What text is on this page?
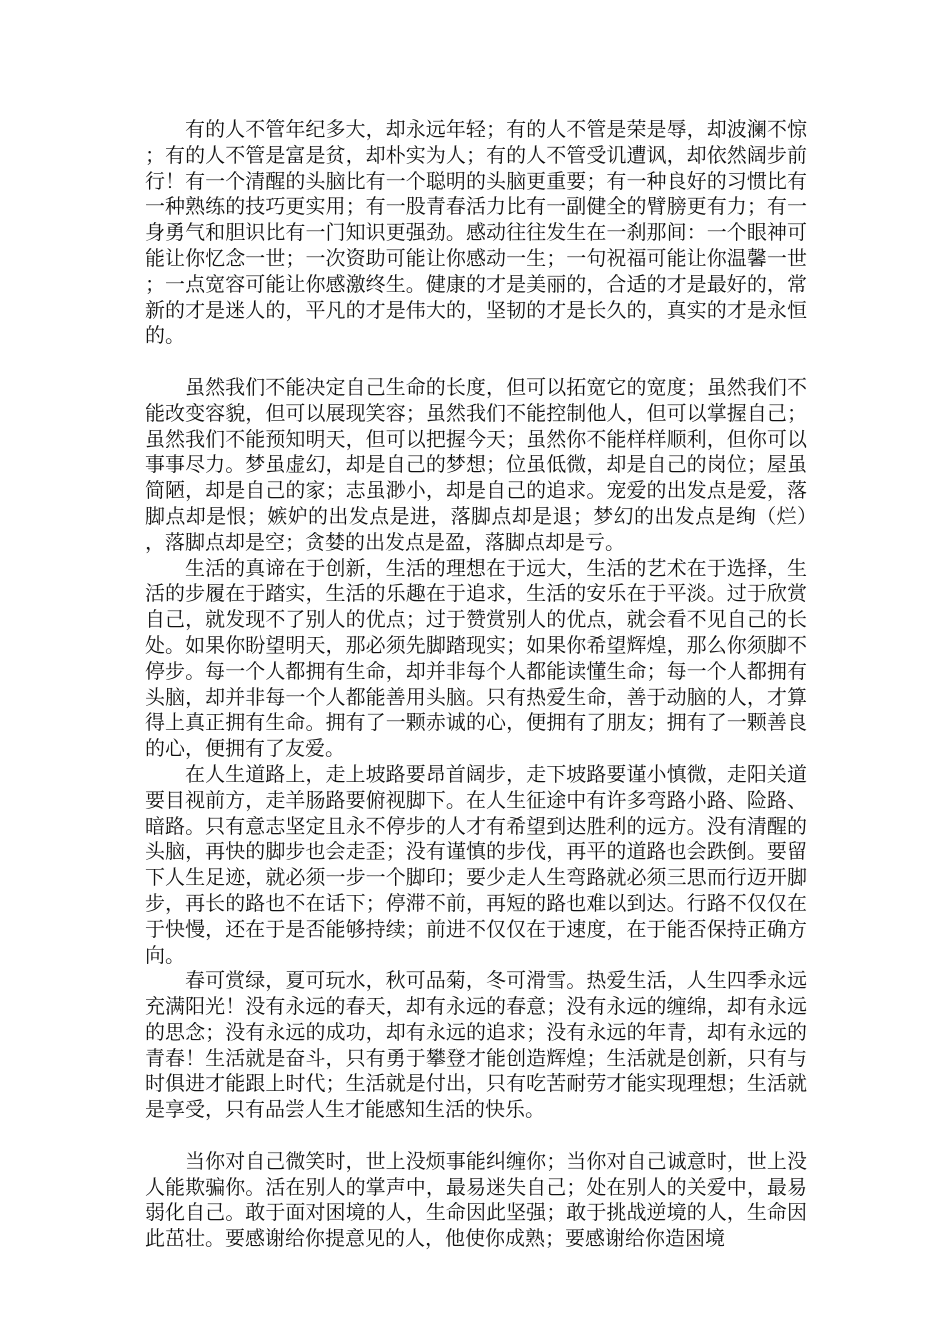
有的人不管年纪多大，却永远年轻；有的人不管是荣是辱，却波澜不惊；有的人不管是富是贫，却朴实为人；有的人不管受讥遭讽，却依然阔步前行！有一个清醒的头脑比有一个聪明的头脑更重要；有一种良好的习惯比有一种熟练的技巧更实用；有一股青春活力比有一副健全的臂膀更有力；有一身勇气和胆识比有一门知识更强劲。感动往往发生在一刹那间：一个眼神可能让你忆念一世；一次资助可能让你感动一生；一句祝福可能让你温馨一世；一点宽容可能让你感激终生。健康的才是美丽的，合适的才是最好的，常新的才是迷人的，平凡的才是伟大的，坚韧的才是长久的，真实的才是永恒的。

虽然我们不能决定自己生命的长度，但可以拓宽它的宽度；虽然我们不能改变容貌，但可以展现笑容；虽然我们不能控制他人，但可以掌握自己；虽然我们不能预知明天，但可以把握今天；虽然你不能样样顺利，但你可以事事尽力。梦虽虚幻，却是自己的梦想；位虽低微，却是自己的岗位；屋虽简陋，却是自己的家；志虽渺小，却是自己的追求。宠爱的出发点是爱，落脚点却是恨；嫉妒的出发点是进，落脚点却是退；梦幻的出发点是绚（烂），落脚点却是空；贪婪的出发点是盈，落脚点却是亏。

生活的真谛在于创新，生活的理想在于远大，生活的艺术在于选择，生活的步履在于踏实，生活的乐趣在于追求，生活的安乐在于平淡。过于欣赏自己，就发现不了别人的优点；过于赞赏别人的优点，就会看不见自己的长处。如果你盼望明天，那必须先脚踏现实；如果你希望辉煌，那么你须脚不停步。每一个人都拥有生命，却并非每个人都能读懂生命；每一个人都拥有头脑，却并非每一个人都能善用头脑。只有热爱生命，善于动脑的人，才算得上真正拥有生命。拥有了一颗赤诚的心，便拥有了朋友；拥有了一颗善良的心，便拥有了友爱。

在人生道路上，走上坡路要昂首阔步，走下坡路要谨小慎微，走阳关道要目视前方，走羊肠路要俯视脚下。在人生征途中有许多弯路小路、险路、暗路。只有意志坚定且永不停步的人才有希望到达胜利的远方。没有清醒的头脑，再快的脚步也会走歪；没有谨慎的步伐，再平的道路也会跌倒。要留下人生足迹，就必须一步一个脚印；要少走人生弯路就必须三思而行迈开脚步，再长的路也不在话下；停滞不前，再短的路也难以到达。行路不仅仅在于快慢，还在于是否能够持续；前进不仅仅在于速度，在于能否保持正确方向。

春可赏绿，夏可玩水，秋可品菊，冬可滑雪。热爱生活，人生四季永远充满阳光！没有永远的春天，却有永远的春意；没有永远的缠绵，却有永远的思念；没有永远的成功，却有永远的追求；没有永远的年青，却有永远的青春！生活就是奋斗，只有勇于攀登才能创造辉煌；生活就是创新，只有与时俱进才能跟上时代；生活就是付出，只有吃苦耐劳才能实现理想；生活就是享受，只有品尝人生才能感知生活的快乐。

当你对自己微笑时，世上没烦事能纠缠你；当你对自己诚意时，世上没人能欺骗你。活在别人的掌声中，最易迷失自己；处在别人的关爱中，最易弱化自己。敢于面对困境的人，生命因此坚强；敢于挑战逆境的人，生命因此茁壮。要感谢给你提意见的人，他使你成熟；要感谢给你造困境
